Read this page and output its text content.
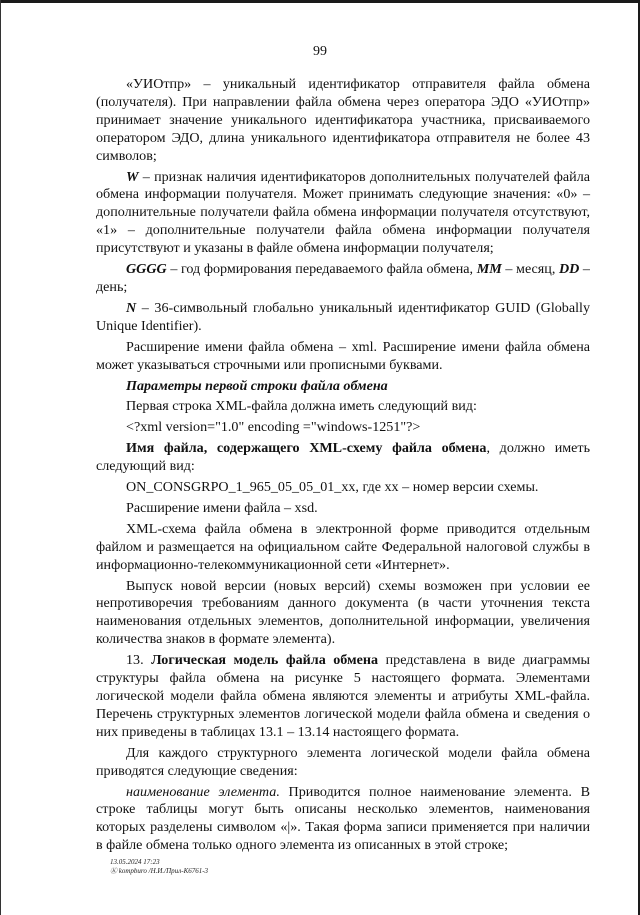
99

«УИОтпр» – уникальный идентификатор отправителя файла обмена (получателя). При направлении файла обмена через оператора ЭДО «УИОтпр» принимает значение уникального идентификатора участника, присваиваемого оператором ЭДО, длина уникального идентификатора отправителя не более 43 символов;

W – признак наличия идентификаторов дополнительных получателей файла обмена информации получателя. Может принимать следующие значения: «0» – дополнительные получатели файла обмена информации получателя отсутствуют, «1» – дополнительные получатели файла обмена информации получателя присутствуют и указаны в файле обмена информации получателя;

GGGG – год формирования передаваемого файла обмена, MM – месяц, DD – день;

N – 36-символьный глобально уникальный идентификатор GUID (Globally Unique Identifier).

Расширение имени файла обмена – xml. Расширение имени файла обмена может указываться строчными или прописными буквами.

Параметры первой строки файла обмена

Первая строка XML-файла должна иметь следующий вид:

<?xml version="1.0" encoding ="windows-1251"?>

Имя файла, содержащего XML-схему файла обмена, должно иметь следующий вид:

ON_CONSGRPO_1_965_05_05_01_xx, где хх – номер версии схемы.

Расширение имени файла – xsd.

XML-схема файла обмена в электронной форме приводится отдельным файлом и размещается на официальном сайте Федеральной налоговой службы в информационно-телекоммуникационной сети «Интернет».

Выпуск новой версии (новых версий) схемы возможен при условии ее непротиворечия требованиям данного документа (в части уточнения текста наименования отдельных элементов, дополнительной информации, увеличения количества знаков в формате элемента).

13. Логическая модель файла обмена представлена в виде диаграммы структуры файла обмена на рисунке 5 настоящего формата. Элементами логической модели файла обмена являются элементы и атрибуты XML-файла. Перечень структурных элементов логической модели файла обмена и сведения о них приведены в таблицах 13.1 – 13.14 настоящего формата.

Для каждого структурного элемента логической модели файла обмена приводятся следующие сведения:

наименование элемента. Приводится полное наименование элемента. В строке таблицы могут быть описаны несколько элементов, наименования которых разделены символом «|». Такая форма записи применяется при наличии в файле обмена только одного элемента из описанных в этой строке;

13.05.2024 17:23
Ⓚ kompburo /Н.И./Прил-К6761-3
